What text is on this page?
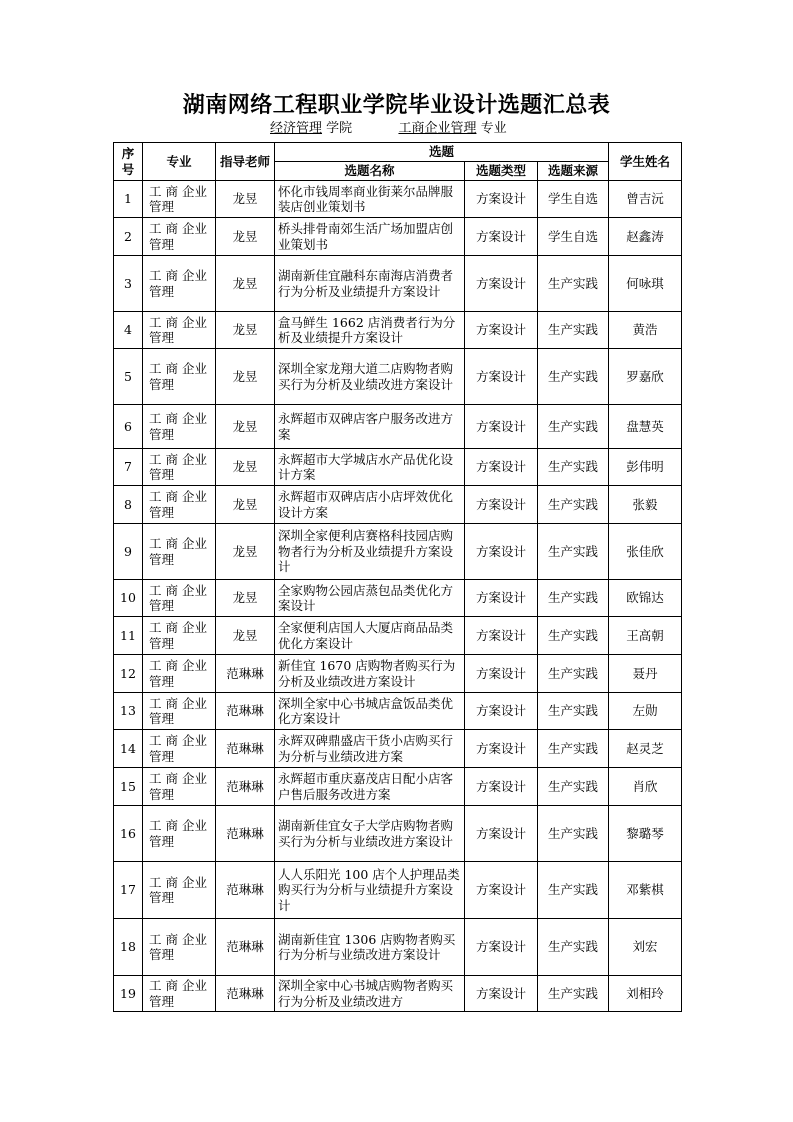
湖南网络工程职业学院毕业设计选题汇总表
经济管理 学院	工商企业管理 专业
序号	专业	指导老师	选题			学生姓名
			选题名称	选题类型	选题来源	
1	工 商 企业管理	龙昱	怀化市钱周率商业街莱尔品牌服装店创业策划书	方案设计	学生自选	曾吉沅
2	工 商 企业管理	龙昱	桥头排骨南郊生活广场加盟店创业策划书	方案设计	学生自选	赵鑫涛
3	工 商 企业管理	龙昱	湖南新佳宜融科东南海店消费者行为分析及业绩提升方案设计	方案设计	生产实践	何咏琪
4	工 商 企业管理	龙昱	盒马鲜生 1662 店消费者行为分析及业绩提升方案设计	方案设计	生产实践	黄浩
5	工 商 企业管理	龙昱	深圳全家龙翔大道二店购物者购买行为分析及业绩改进方案设计	方案设计	生产实践	罗嘉欣
6	工 商 企业管理	龙昱	永辉超市双碑店客户服务改进方案	方案设计	生产实践	盘慧英
7	工 商 企业管理	龙昱	永辉超市大学城店水产品优化设计方案	方案设计	生产实践	彭伟明
8	工 商 企业管理	龙昱	永辉超市双碑店店小店坪效优化设计方案	方案设计	生产实践	张毅
9	工 商 企业管理	龙昱	深圳全家便利店赛格科技园店购物者行为分析及业绩提升方案设计	方案设计	生产实践	张佳欣
10	工 商 企业管理	龙昱	全家购物公园店蒸包品类优化方案设计	方案设计	生产实践	欧锦达
11	工 商 企业管理	龙昱	全家便利店国人大厦店商品品类优化方案设计	方案设计	生产实践	王高朝
12	工 商 企业管理	范琳琳	新佳宜 1670 店购物者购买行为分析及业绩改进方案设计	方案设计	生产实践	聂丹
13	工 商 企业管理	范琳琳	深圳全家中心书城店盒饭品类优化方案设计	方案设计	生产实践	左勋
14	工 商 企业管理	范琳琳	永辉双碑鼎盛店干货小店购买行为分析与业绩改进方案	方案设计	生产实践	赵灵芝
15	工 商 企业管理	范琳琳	永辉超市重庆嘉茂店日配小店客户售后服务改进方案	方案设计	生产实践	肖欣
16	工 商 企业管理	范琳琳	湖南新佳宜女子大学店购物者购买行为分析与业绩改进方案设计	方案设计	生产实践	黎璐琴
17	工 商 企业管理	范琳琳	人人乐阳光 100 店个人护理品类购买行为分析与业绩提升方案设计	方案设计	生产实践	邓紫棋
18	工 商 企业管理	范琳琳	湖南新佳宜 1306 店购物者购买行为分析与业绩改进方案设计	方案设计	生产实践	刘宏
19	工 商 企业管理	范琳琳	深圳全家中心书城店购物者购买行为分析及业绩改进方	方案设计	生产实践	刘相玲
